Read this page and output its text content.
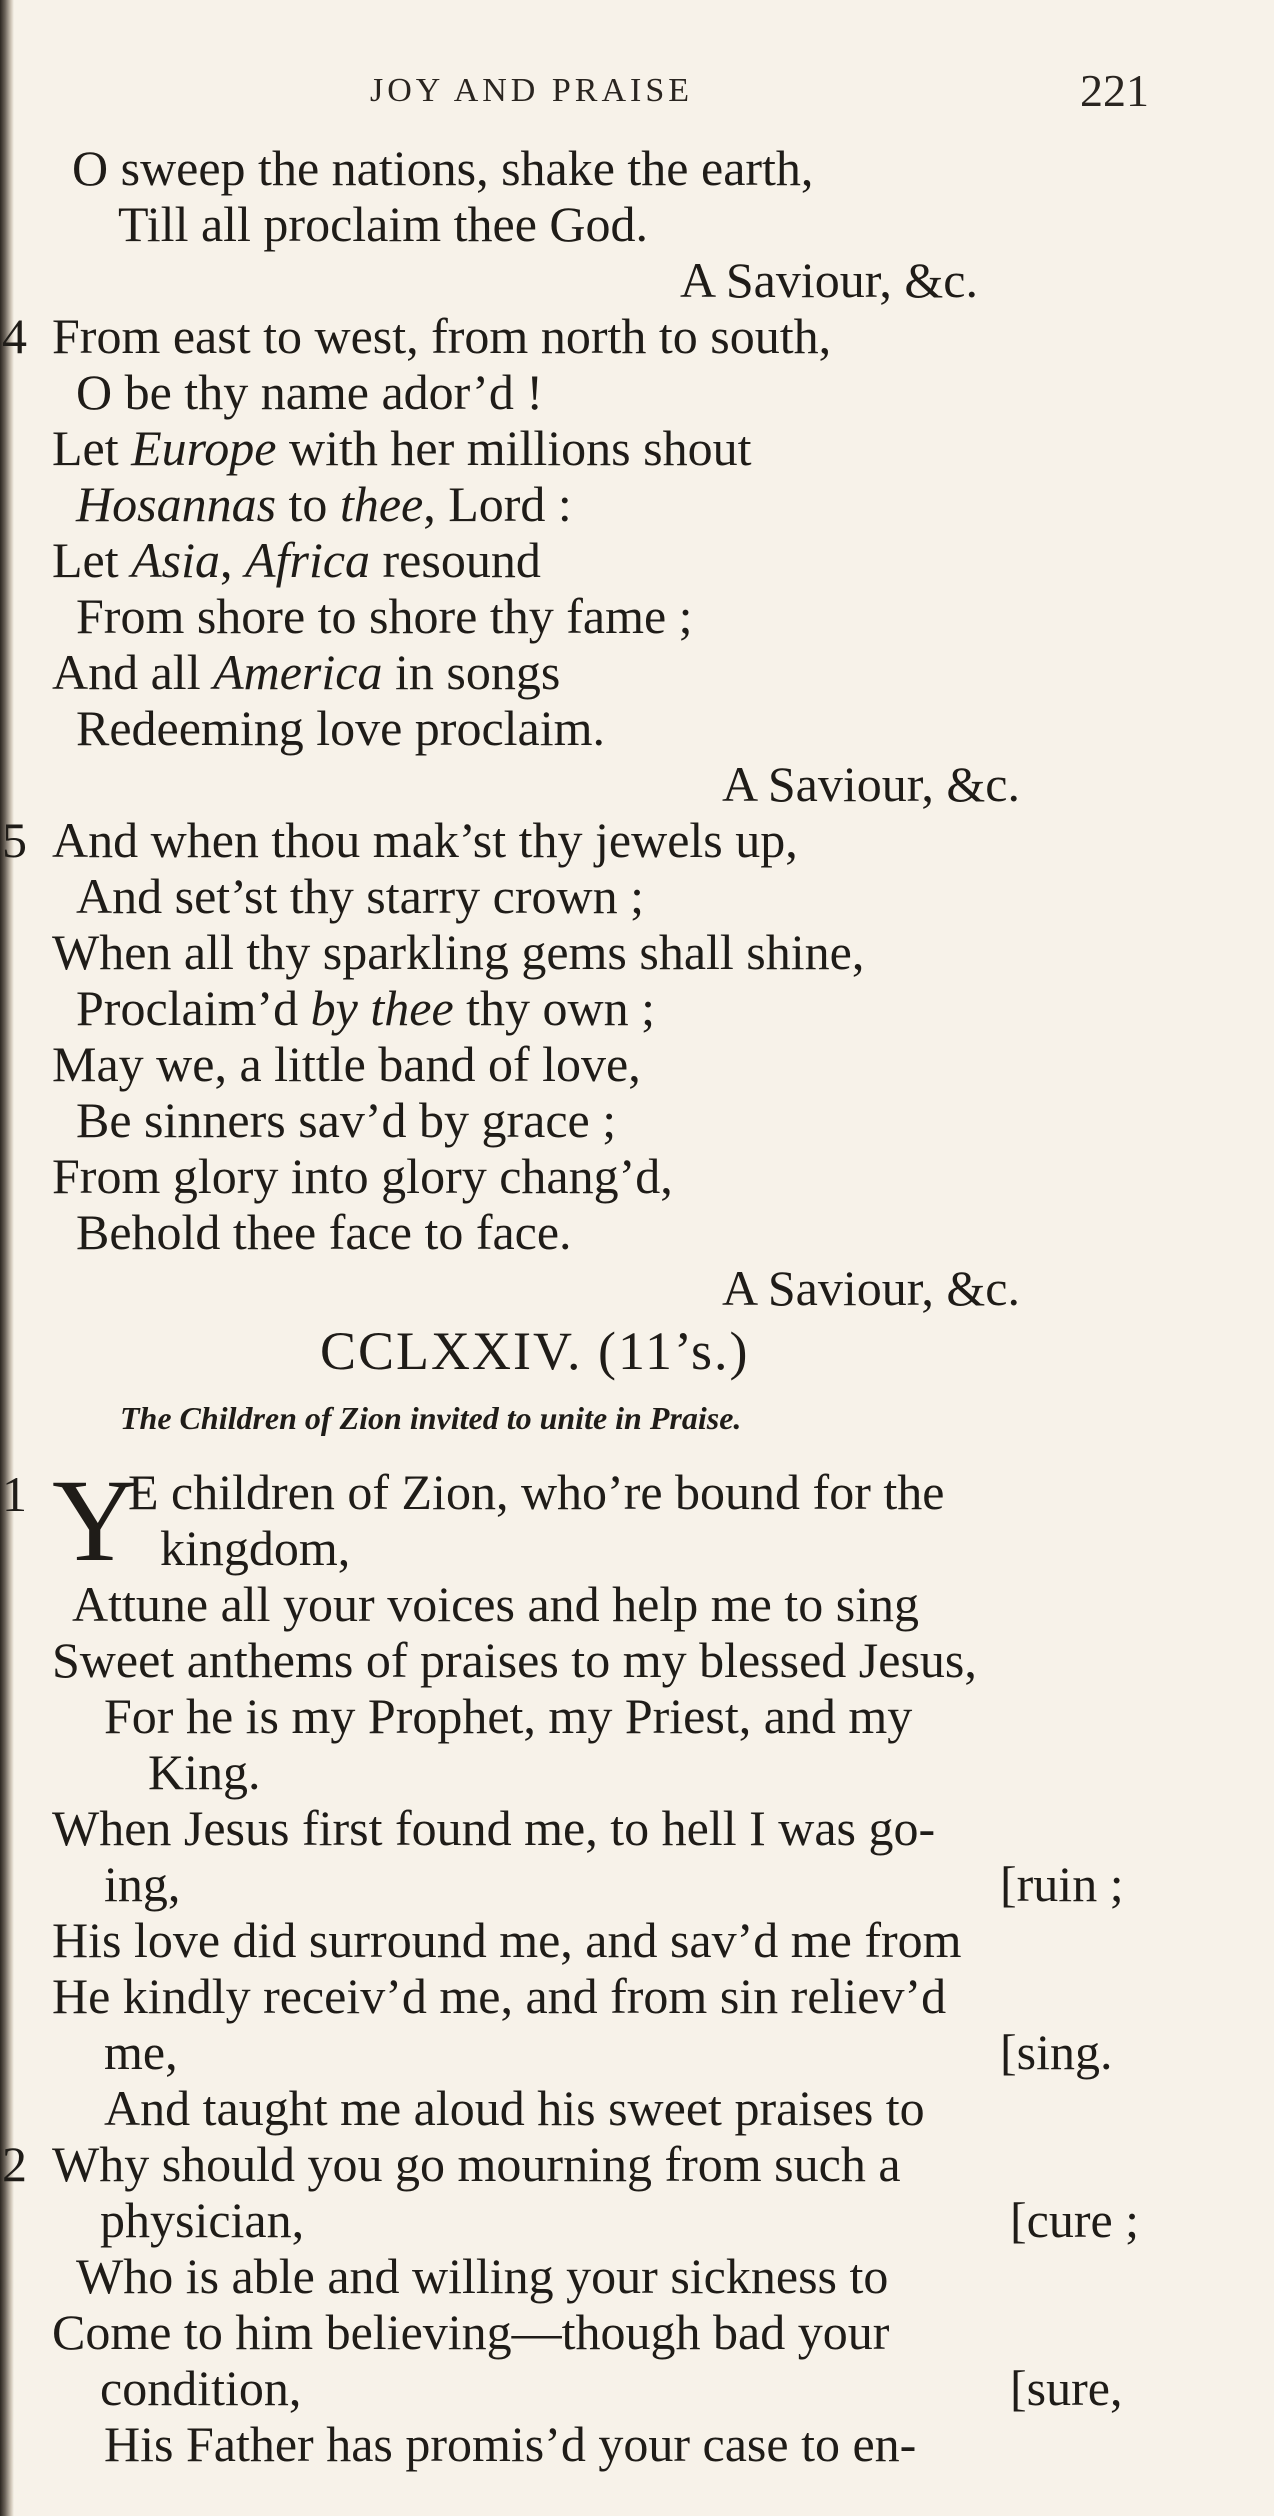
JOY AND PRAISE	221
O sweep the nations, shake the earth,
Till all proclaim thee God.
A Saviour, &c.
4 From east to west, from north to south,
O be thy name ador’d !
Let Europe with her millions shout
Hosannas to thee, Lord :
Let Asia, Africa resound
From shore to shore thy fame ;
And all America in songs
Redeeming love proclaim.
A Saviour, &c.
5 And when thou mak’st thy jewels up,
And set’st thy starry crown ;
When all thy sparkling gems shall shine,
Proclaim’d by thee thy own ;
May we, a little band of love,
Be sinners sav’d by grace ;
From glory into glory chang’d,
Behold thee face to face.
A Saviour, &c.
CCLXXIV. (11’s.)
The Children of Zion invited to unite in Praise.
1 Y
E children of Zion, who’re bound for the
kingdom,
Attune all your voices and help me to sing
Sweet anthems of praises to my blessed Jesus,
For he is my Prophet, my Priest, and my
King.
When Jesus first found me, to hell I was go-
ing,	[ruin ;
His love did surround me, and sav’d me from
He kindly receiv’d me, and from sin reliev’d
me,	[sing.
And taught me aloud his sweet praises to
2 Why should you go mourning from such a
physician,	[cure ;
Who is able and willing your sickness to
Come to him believing—though bad your
condition,	[sure,
His Father has promis’d your case to en-
